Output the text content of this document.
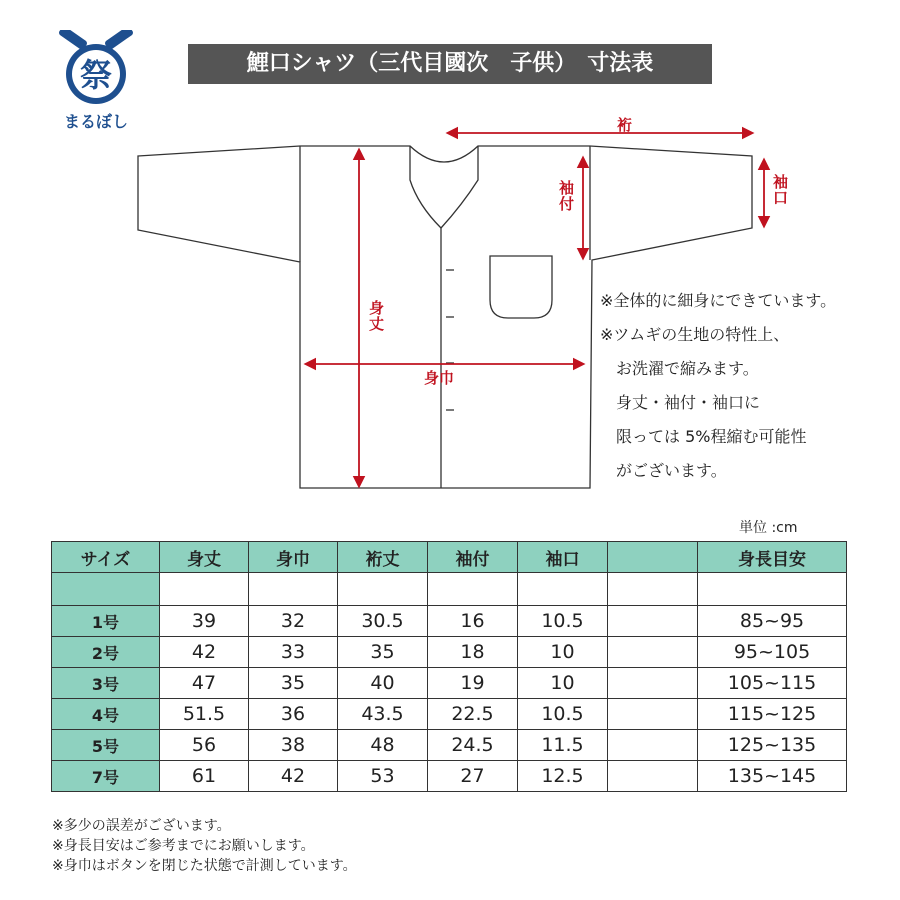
祭
まるぼし
鯉口シャツ（三代目國次　子供）　寸法表
裄
袖付	袖口
身丈
身巾
※全体的に細身にできています。
※ツムギの生地の特性上、
　お洗濯で縮みます。
　身丈・袖付・袖口に
　限っては 5%程縮む可能性
　がございます。
単位 :cm
サイズ	身丈	身巾	裄丈	袖付	袖口		身長目安

1号	39	32	30.5	16	10.5		85~95
2号	42	33	35	18	10		95~105
3号	47	35	40	19	10		105~115
4号	51.5	36	43.5	22.5	10.5		115~125
5号	56	38	48	24.5	11.5		125~135
7号	61	42	53	27	12.5		135~145
※多少の誤差がございます。
※身長目安はご参考までにお願いします。
※身巾はボタンを閉じた状態で計測しています。
